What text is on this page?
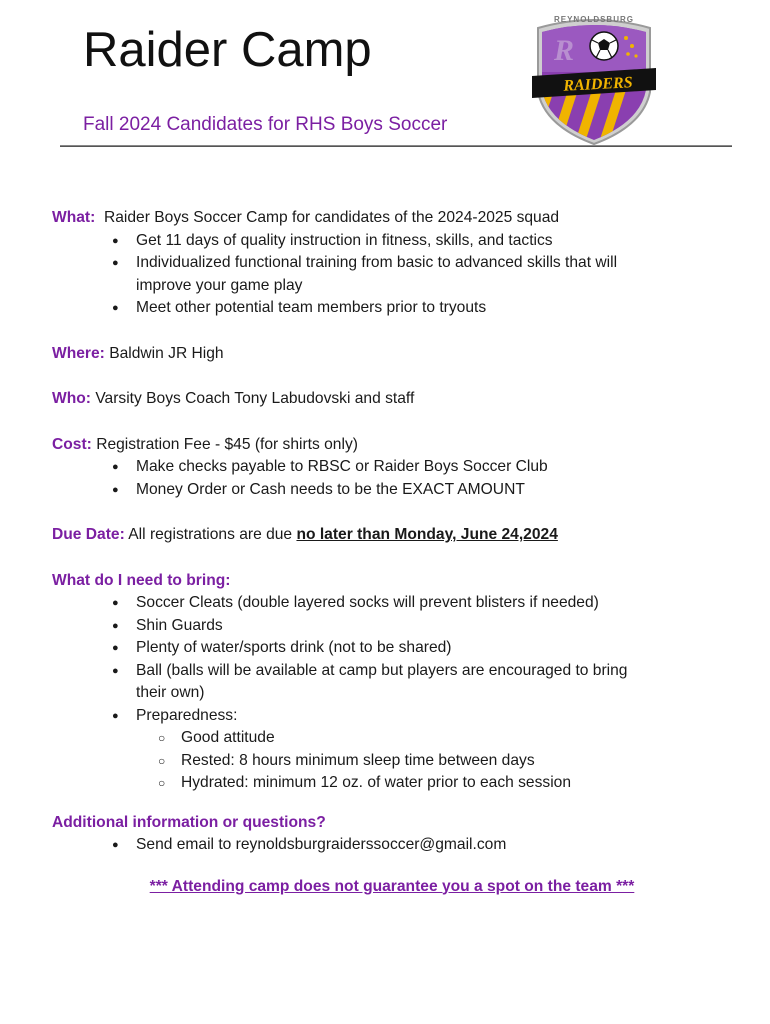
Raider Camp
REYNOLDSBURG
R
RAIDERS

Fall 2024 Candidates for RHS Boys Soccer

What: Raider Boys Soccer Camp for candidates of the 2024-2025 squad

● Get 11 days of quality instruction in fitness, skills, and tactics
● Individualized functional training from basic to advanced skills that will improve your game play
● Meet other potential team members prior to tryouts

Where: Baldwin JR High

Who: Varsity Boys Coach Tony Labudovski and staff

Cost: Registration Fee - $45 (for shirts only)

● Make checks payable to RBSC or Raider Boys Soccer Club
● Money Order or Cash needs to be the EXACT AMOUNT

Due Date: All registrations are due no later than Monday, June 24,2024

What do I need to bring:

● Soccer Cleats (double layered socks will prevent blisters if needed)
● Shin Guards
● Plenty of water/sports drink (not to be shared)
● Ball (balls will be available at camp but players are encouraged to bring their own)
● Preparedness:
○ Good attitude
○ Rested: 8 hours minimum sleep time between days
○ Hydrated: minimum 12 oz. of water prior to each session

Additional information or questions?

● Send email to reynoldsburgraiderssoccer@gmail.com

*** Attending camp does not guarantee you a spot on the team ***
